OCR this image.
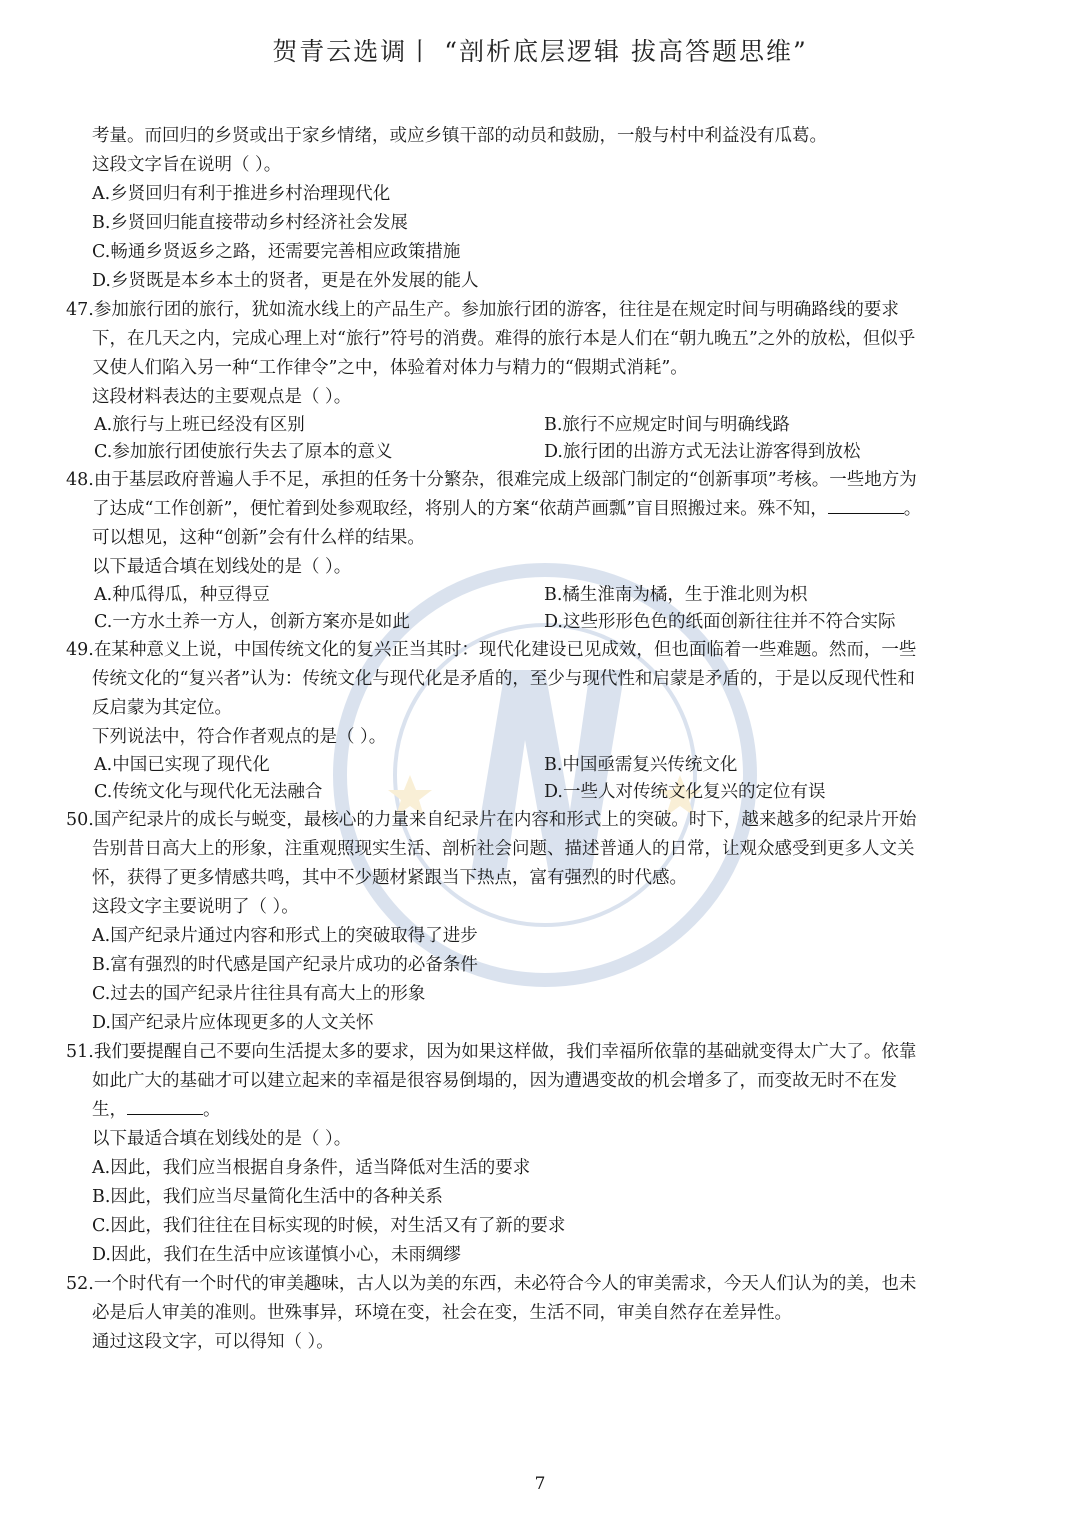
贺青云选调丨 “剖析底层逻辑 拔高答题思维”
考量。而回归的乡贤或出于家乡情绪，或应乡镇干部的动员和鼓励，一般与村中利益没有瓜葛。
这段文字旨在说明（ ）。
A.乡贤回归有利于推进乡村治理现代化
B.乡贤回归能直接带动乡村经济社会发展
C.畅通乡贤返乡之路，还需要完善相应政策措施
D.乡贤既是本乡本土的贤者，更是在外发展的能人
47.参加旅行团的旅行，犹如流水线上的产品生产。参加旅行团的游客，往往是在规定时间与明确路线的要求
下，在几天之内，完成心理上对“旅行”符号的消费。难得的旅行本是人们在“朝九晚五”之外的放松，但似乎
又使人们陷入另一种“工作律令”之中，体验着对体力与精力的“假期式消耗”。
这段材料表达的主要观点是（ ）。
A.旅行与上班已经没有区别	B.旅行不应规定时间与明确线路
C.参加旅行团使旅行失去了原本的意义	D.旅行团的出游方式无法让游客得到放松
48.由于基层政府普遍人手不足，承担的任务十分繁杂，很难完成上级部门制定的“创新事项”考核。一些地方为
了达成“工作创新”，便忙着到处参观取经，将别人的方案“依葫芦画瓢”盲目照搬过来。殊不知，	。
可以想见，这种“创新”会有什么样的结果。
以下最适合填在划线处的是（ ）。
A.种瓜得瓜，种豆得豆	B.橘生淮南为橘，生于淮北则为枳
C.一方水土养一方人，创新方案亦是如此	D.这些形形色色的纸面创新往往并不符合实际
49.在某种意义上说，中国传统文化的复兴正当其时：现代化建设已见成效，但也面临着一些难题。然而，一些
传统文化的“复兴者”认为：传统文化与现代化是矛盾的，至少与现代性和启蒙是矛盾的，于是以反现代性和
反启蒙为其定位。
下列说法中，符合作者观点的是（ ）。
A.中国已实现了现代化	B.中国亟需复兴传统文化
C.传统文化与现代化无法融合	D.一些人对传统文化复兴的定位有误
50.国产纪录片的成长与蜕变，最核心的力量来自纪录片在内容和形式上的突破。时下，越来越多的纪录片开始
告别昔日高大上的形象，注重观照现实生活、剖析社会问题、描述普通人的日常，让观众感受到更多人文关
怀，获得了更多情感共鸣，其中不少题材紧跟当下热点，富有强烈的时代感。
这段文字主要说明了（ ）。
A.国产纪录片通过内容和形式上的突破取得了进步
B.富有强烈的时代感是国产纪录片成功的必备条件
C.过去的国产纪录片往往具有高大上的形象
D.国产纪录片应体现更多的人文关怀
51.我们要提醒自己不要向生活提太多的要求，因为如果这样做，我们幸福所依靠的基础就变得太广大了。依靠
如此广大的基础才可以建立起来的幸福是很容易倒塌的，因为遭遇变故的机会增多了，而变故无时不在发
生，	。
以下最适合填在划线处的是（ ）。
A.因此，我们应当根据自身条件，适当降低对生活的要求
B.因此，我们应当尽量简化生活中的各种关系
C.因此，我们往往在目标实现的时候，对生活又有了新的要求
D.因此，我们在生活中应该谨慎小心，未雨绸缪
52.一个时代有一个时代的审美趣味，古人以为美的东西，未必符合今人的审美需求，今天人们认为的美，也未
必是后人审美的准则。世殊事异，环境在变，社会在变，生活不同，审美自然存在差异性。
通过这段文字，可以得知（ ）。
7
